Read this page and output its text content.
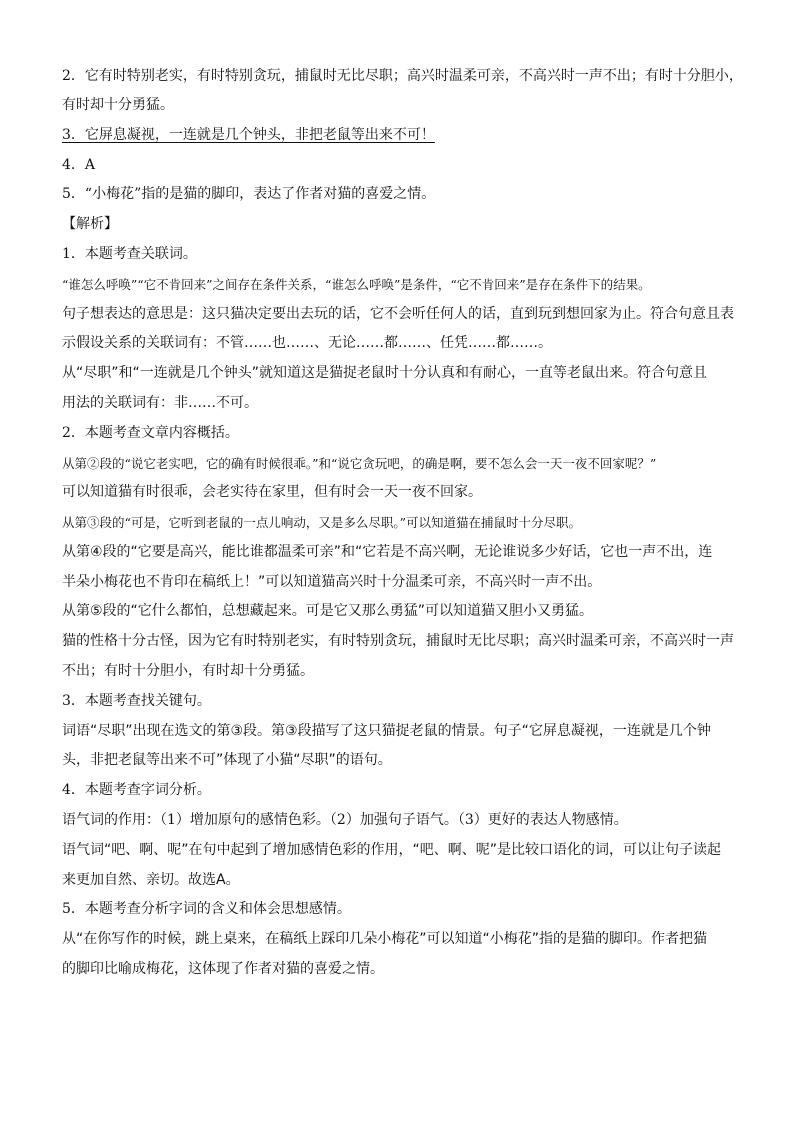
2．它有时特别老实，有时特别贪玩，捕鼠时无比尽职；高兴时温柔可亲，不高兴时一声不出；有时十分胆小，

有时却十分勇猛。

3．它屏息凝视，一连就是几个钟头，非把老鼠等出来不可！

4．A

5．“小梅花”指的是猫的脚印，表达了作者对猫的喜爱之情。

【解析】

1．本题考查关联词。

“谁怎么呼唤”“它不肯回来”之间存在条件关系，“谁怎么呼唤”是条件，“它不肯回来”是存在条件下的结果。

句子想表达的意思是：这只猫决定要出去玩的话，它不会听任何人的话，直到玩到想回家为止。符合句意且表

示假设关系的关联词有：不管……也……、无论……都……、任凭……都……。

从“尽职”和“一连就是几个钟头”就知道这是猫捉老鼠时十分认真和有耐心，一直等老鼠出来。符合句意且

用法的关联词有：非……不可。

2．本题考查文章内容概括。

从第②段的“说它老实吧，它的确有时候很乖。”和“说它贪玩吧，的确是啊，要不怎么会一天一夜不回家呢？”

可以知道猫有时很乖，会老实待在家里，但有时会一天一夜不回家。

从第③段的“可是，它听到老鼠的一点儿响动，又是多么尽职。”可以知道猫在捕鼠时十分尽职。

从第④段的“它要是高兴，能比谁都温柔可亲”和“它若是不高兴啊，无论谁说多少好话，它也一声不出，连

半朵小梅花也不肯印在稿纸上！”可以知道猫高兴时十分温柔可亲，不高兴时一声不出。

从第⑤段的“它什么都怕，总想藏起来。可是它又那么勇猛”可以知道猫又胆小又勇猛。

猫的性格十分古怪，因为它有时特别老实，有时特别贪玩，捕鼠时无比尽职；高兴时温柔可亲，不高兴时一声

不出；有时十分胆小，有时却十分勇猛。

3．本题考查找关键句。

词语“尽职”出现在选文的第③段。第③段描写了这只猫捉老鼠的情景。句子“它屏息凝视，一连就是几个钟

头，非把老鼠等出来不可”体现了小猫“尽职”的语句。

4．本题考查字词分析。

语气词的作用：（1）增加原句的感情色彩。（2）加强句子语气。（3）更好的表达人物感情。

语气词“吧、啊、呢”在句中起到了增加感情色彩的作用，“吧、啊、呢”是比较口语化的词，可以让句子读起

来更加自然、亲切。故选A。

5．本题考查分析字词的含义和体会思想感情。

从“在你写作的时候，跳上桌来，在稿纸上踩印几朵小梅花”可以知道“小梅花”指的是猫的脚印。作者把猫

的脚印比喻成梅花，这体现了作者对猫的喜爱之情。
